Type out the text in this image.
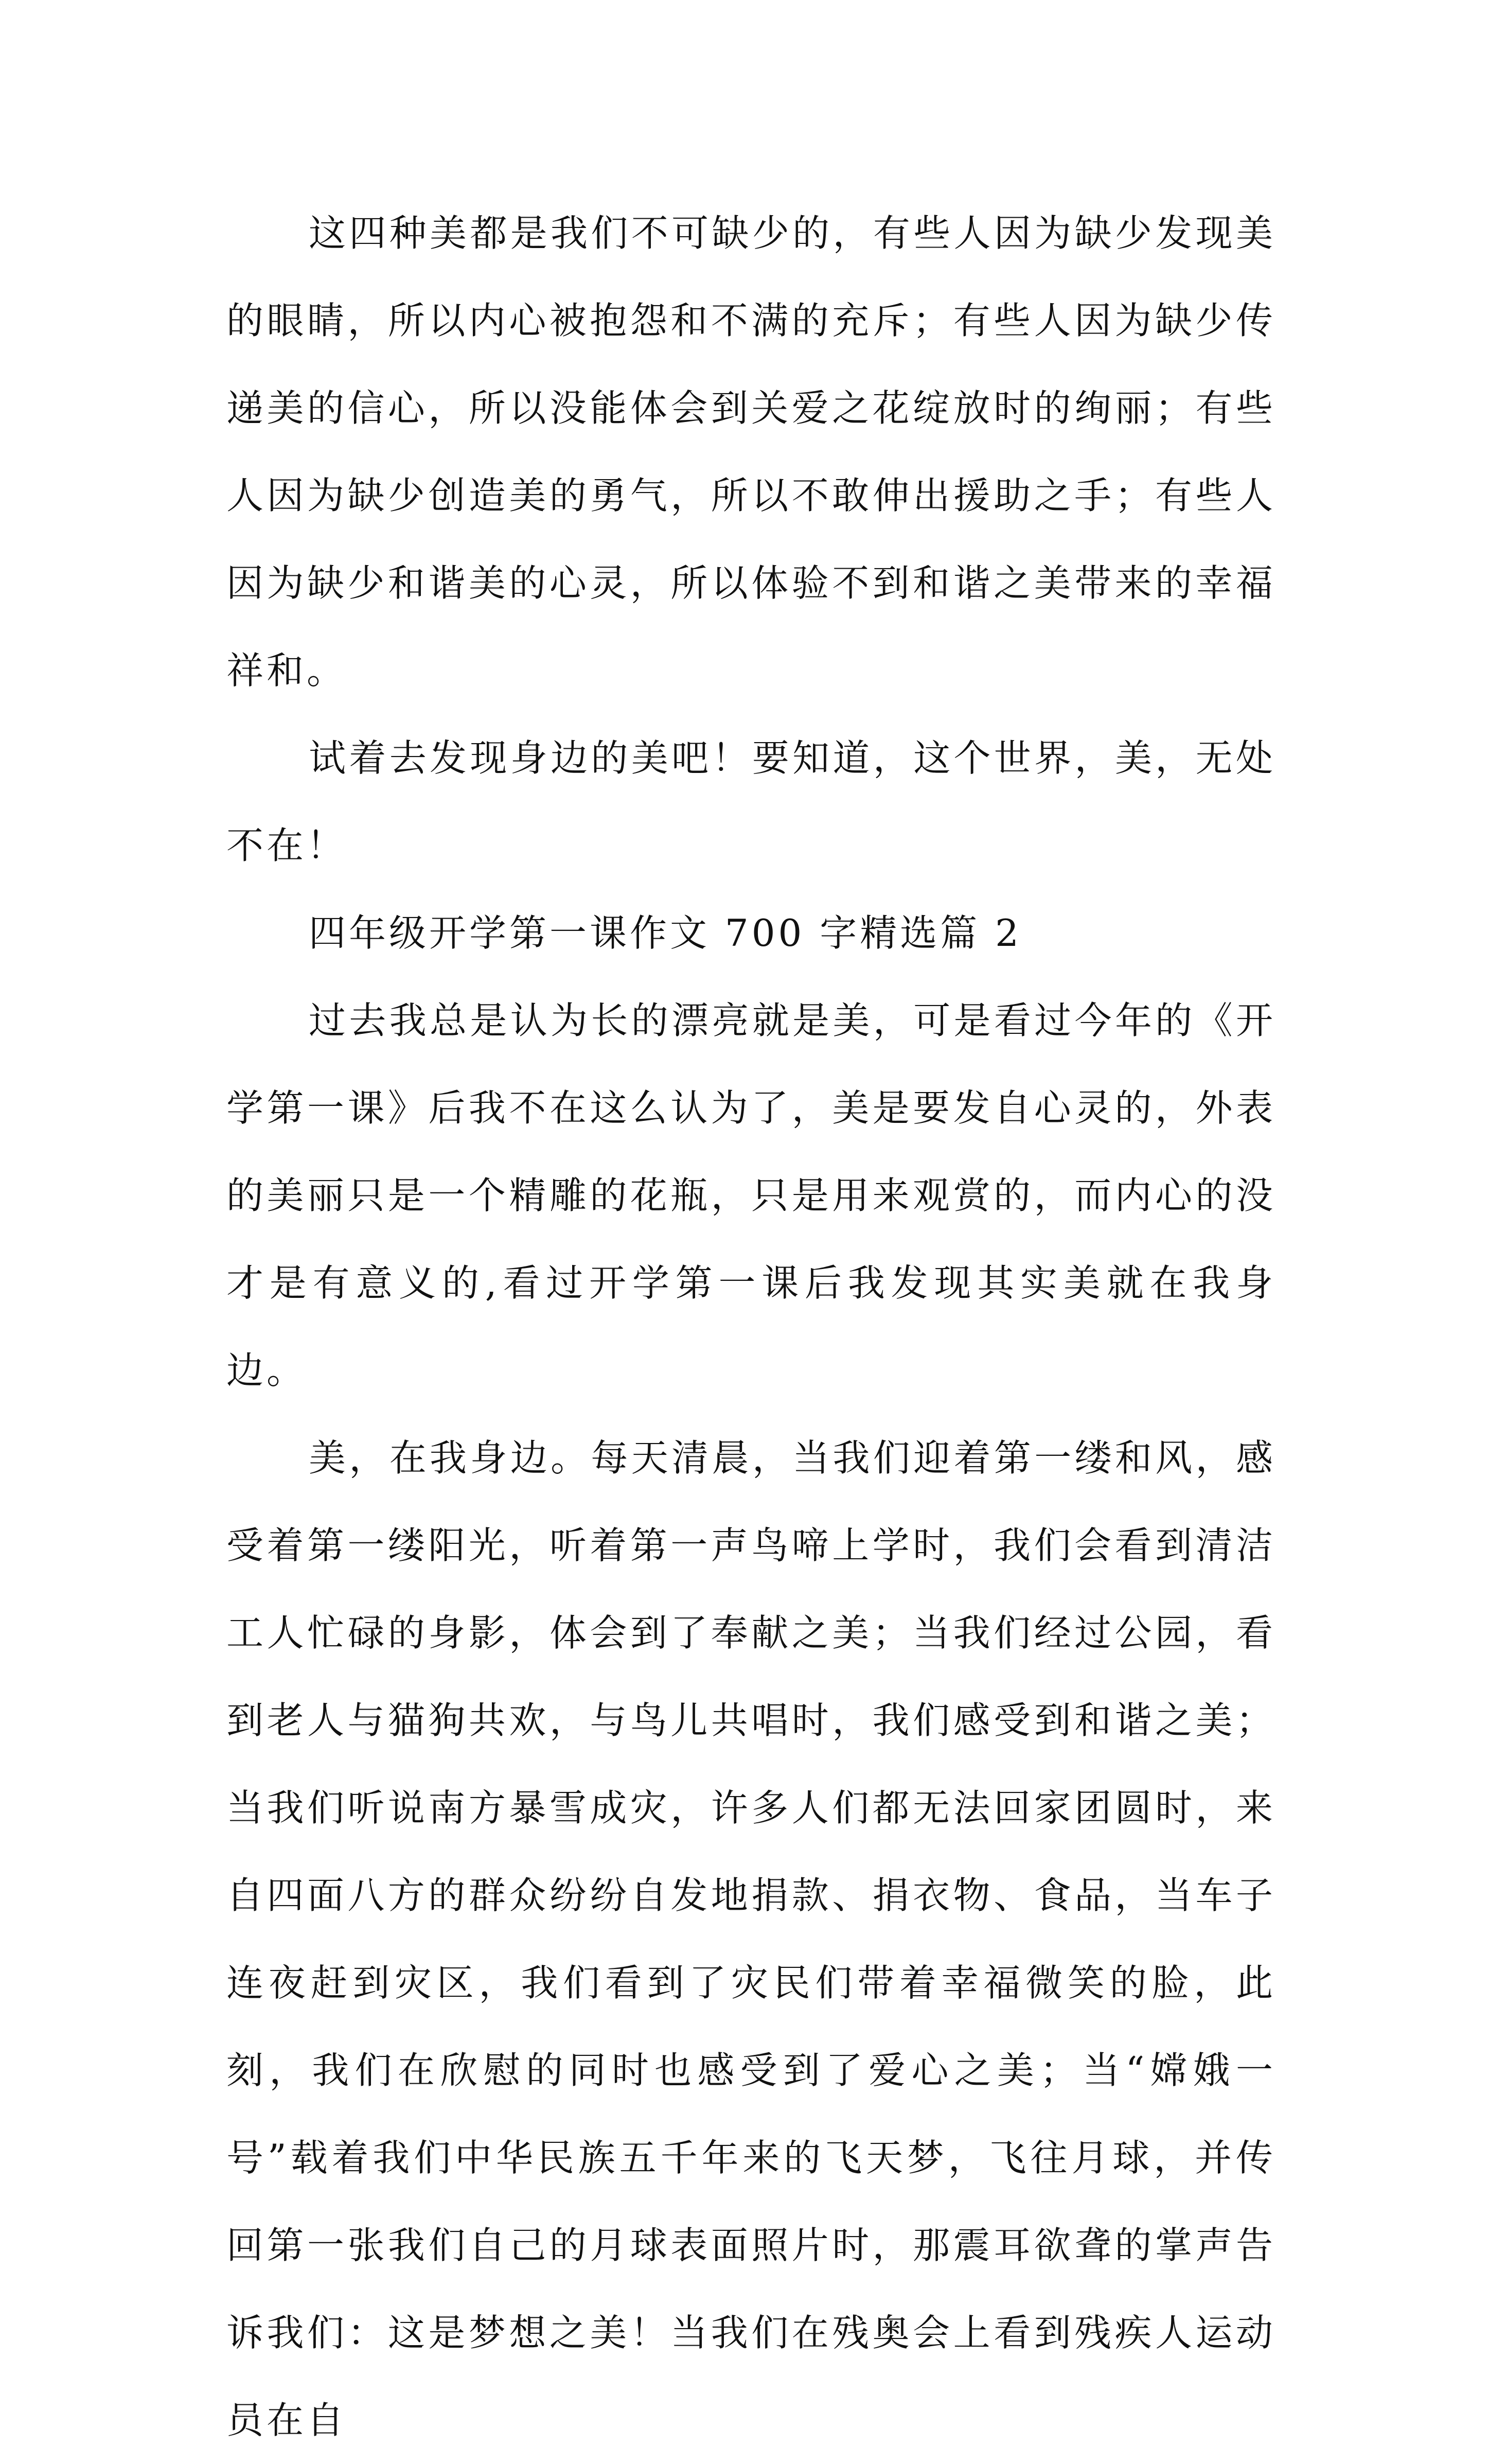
这四种美都是我们不可缺少的，有些人因为缺少发现美的眼睛，所以内心被抱怨和不满的充斥；有些人因为缺少传递美的信心，所以没能体会到关爱之花绽放时的绚丽；有些人因为缺少创造美的勇气，所以不敢伸出援助之手；有些人因为缺少和谐美的心灵，所以体验不到和谐之美带来的幸福祥和。

试着去发现身边的美吧！要知道，这个世界，美，无处不在！

四年级开学第一课作文 700 字精选篇 2

过去我总是认为长的漂亮就是美，可是看过今年的《开学第一课》后我不在这么认为了，美是要发自心灵的，外表的美丽只是一个精雕的花瓶，只是用来观赏的，而内心的没才是有意义的,看过开学第一课后我发现其实美就在我身边。

美，在我身边。每天清晨，当我们迎着第一缕和风，感受着第一缕阳光，听着第一声鸟啼上学时，我们会看到清洁工人忙碌的身影，体会到了奉献之美；当我们经过公园，看到老人与猫狗共欢，与鸟儿共唱时，我们感受到和谐之美；当我们听说南方暴雪成灾，许多人们都无法回家团圆时，来自四面八方的群众纷纷自发地捐款、捐衣物、食品，当车子连夜赶到灾区，我们看到了灾民们带着幸福微笑的脸，此刻，我们在欣慰的同时也感受到了爱心之美；当“嫦娥一号”载着我们中华民族五千年来的飞天梦，飞往月球，并传回第一张我们自己的月球表面照片时，那震耳欲聋的掌声告诉我们：这是梦想之美！当我们在残奥会上看到残疾人运动员在自
